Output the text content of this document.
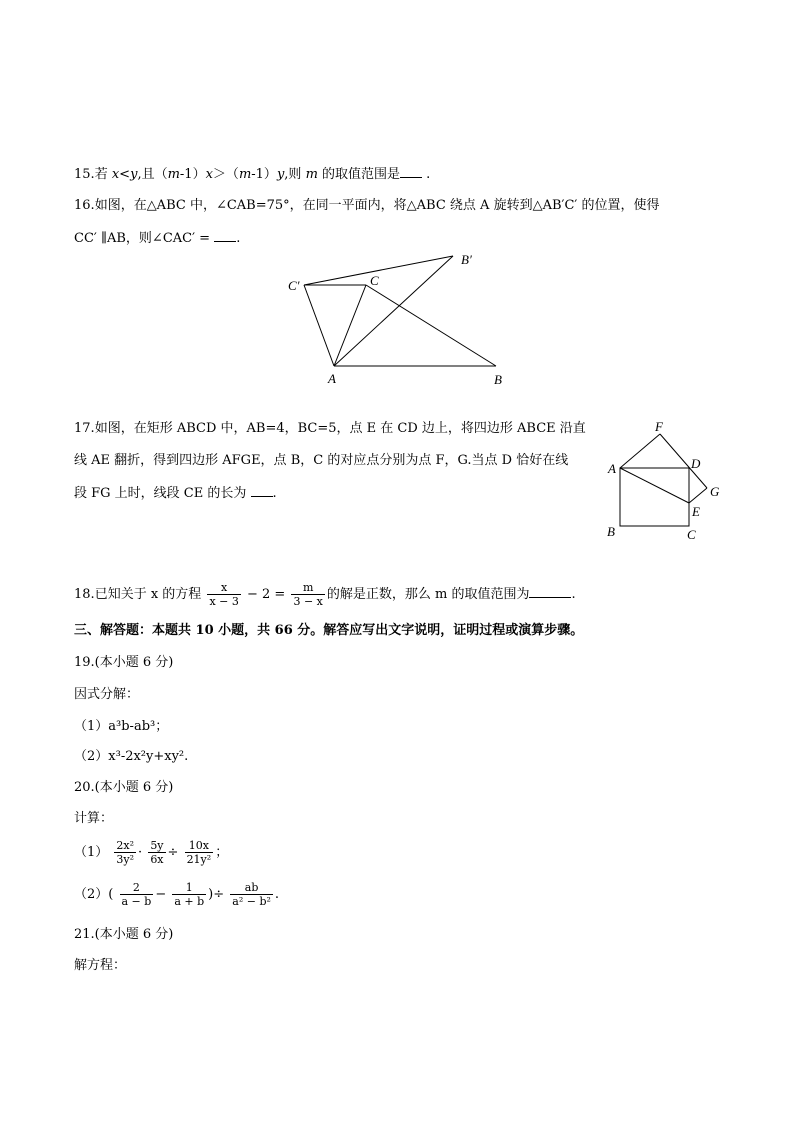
15.若 x<y,且（m-1）x＞（m-1）y,则 m 的取值范围是 .
16.如图，在△ABC 中，∠CAB=75°，在同一平面内，将△ABC 绕点 A 旋转到△AB′C′ 的位置，使得
CC′ ∥AB，则∠CAC′ = .
C′	C
B′
A	B
17.如图，在矩形 ABCD 中，AB=4，BC=5，点 E 在 CD 边上，将四边形 ABCE 沿直
线 AE 翻折，得到四边形 AFGE，点 B，C 的对应点分别为点 F，G.当点 D 恰好在线
段 FG 上时，线段 CE 的长为 .
F
A	D
G
E
B	C
18.已知关于 x 的方程 $\frac{x}{x - 3} - 2 = \frac{m}{3 - x}$ 的解是正数，那么 m 的取值范围为	.
三、解答题：本题共 10 小题，共 66 分。解答应写出文字说明，证明过程或演算步骤。
19.(本小题 6 分)
因式分解：
（1）a³b-ab³；
（2）x³-2x²y+xy².
20.(本小题 6 分)
计算：
$(1) \frac{\text{2x²}}{\text{3y²}} \cdot \frac{5y}{6x} \div \frac{10x}{\text{21y²}}$ ；
$(2)( \frac{2}{a - b} - \frac{1}{a + b}$ )÷ $\frac{ab}{\text{a² − b²}}$ .
21.(本小题 6 分)
解方程：
